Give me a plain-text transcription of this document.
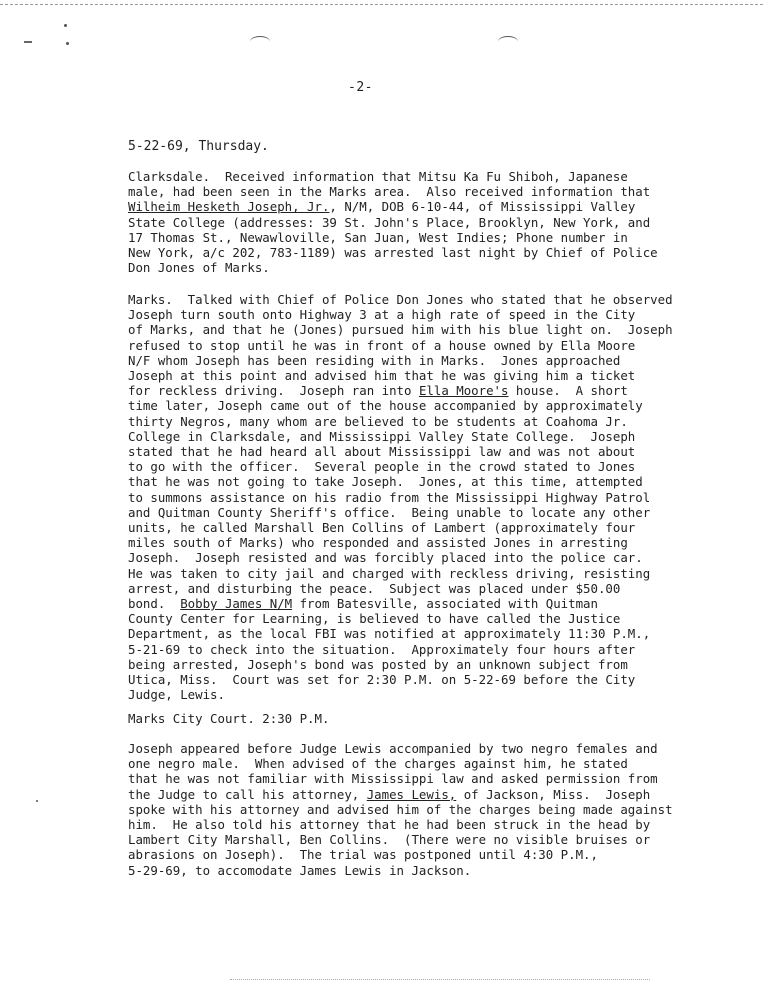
-2-
5-22-69, Thursday.

Clarksdale.  Received information that Mitsu Ka Fu Shiboh, Japanese
male, had been seen in the Marks area.  Also received information that
Wilheim Hesketh Joseph, Jr., N/M, DOB 6-10-44, of Mississippi Valley
State College (addresses: 39 St. John's Place, Brooklyn, New York, and
17 Thomas St., Newawloville, San Juan, West Indies; Phone number in
New York, a/c 202, 783-1189) was arrested last night by Chief of Police
Don Jones of Marks.

Marks.  Talked with Chief of Police Don Jones who stated that he observed
Joseph turn south onto Highway 3 at a high rate of speed in the City
of Marks, and that he (Jones) pursued him with his blue light on.  Joseph
refused to stop until he was in front of a house owned by Ella Moore
N/F whom Joseph has been residing with in Marks.  Jones approached
Joseph at this point and advised him that he was giving him a ticket
for reckless driving.  Joseph ran into Ella Moore's house.  A short
time later, Joseph came out of the house accompanied by approximately
thirty Negros, many whom are believed to be students at Coahoma Jr.
College in Clarksdale, and Mississippi Valley State College.  Joseph
stated that he had heard all about Mississippi law and was not about
to go with the officer.  Several people in the crowd stated to Jones
that he was not going to take Joseph.  Jones, at this time, attempted
to summons assistance on his radio from the Mississippi Highway Patrol
and Quitman County Sheriff's office.  Being unable to locate any other
units, he called Marshall Ben Collins of Lambert (approximately four
miles south of Marks) who responded and assisted Jones in arresting
Joseph.  Joseph resisted and was forcibly placed into the police car.
He was taken to city jail and charged with reckless driving, resisting
arrest, and disturbing the peace.  Subject was placed under $50.00
bond.  Bobby James N/M from Batesville, associated with Quitman
County Center for Learning, is believed to have called the Justice
Department, as the local FBI was notified at approximately 11:30 P.M.,
5-21-69 to check into the situation.  Approximately four hours after
being arrested, Joseph's bond was posted by an unknown subject from
Utica, Miss.  Court was set for 2:30 P.M. on 5-22-69 before the City
Judge, Lewis.

Marks City Court. 2:30 P.M.

Joseph appeared before Judge Lewis accompanied by two negro females and
one negro male.  When advised of the charges against him, he stated
that he was not familiar with Mississippi law and asked permission from
the Judge to call his attorney, James Lewis, of Jackson, Miss.  Joseph
spoke with his attorney and advised him of the charges being made against
him.  He also told his attorney that he had been struck in the head by
Lambert City Marshall, Ben Collins.  (There were no visible bruises or
abrasions on Joseph).  The trial was postponed until 4:30 P.M.,
5-29-69, to accomodate James Lewis in Jackson.
